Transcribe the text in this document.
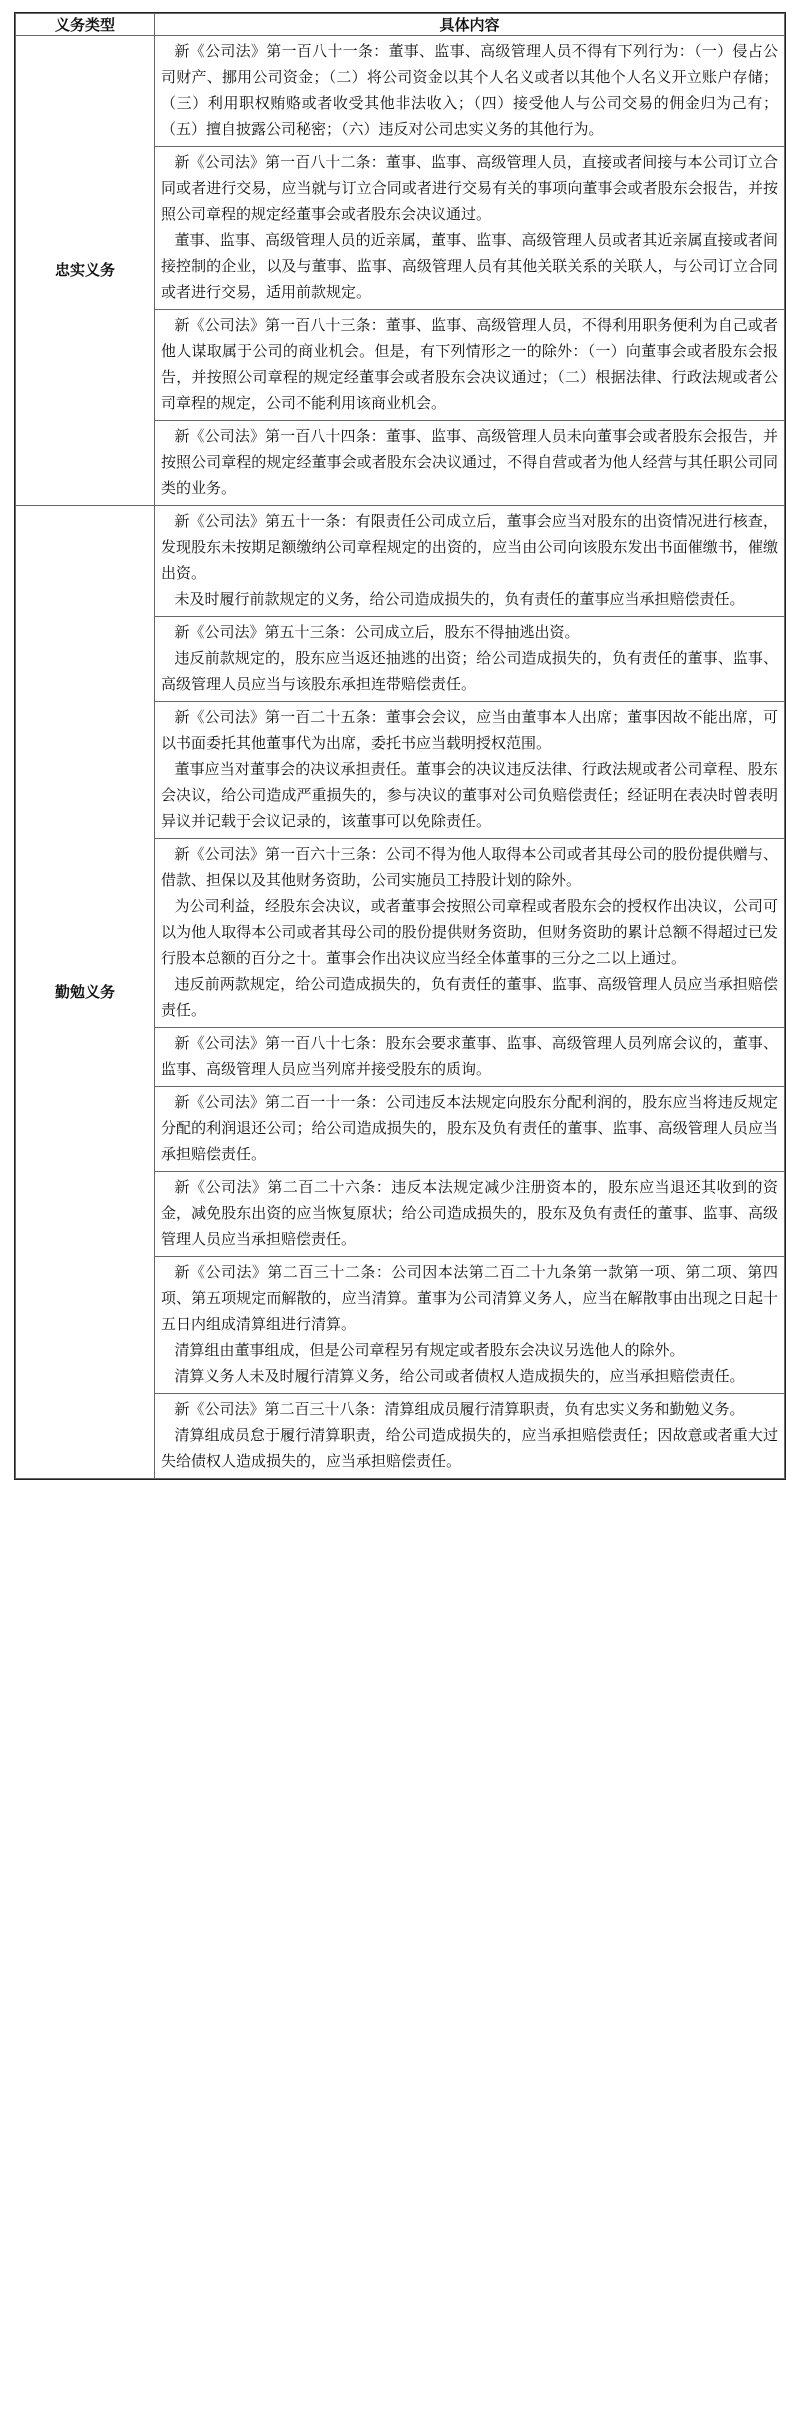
义务类型	具体内容
忠实义务	新《公司法》第一百八十一条：董事、监事、高级管理人员不得有下列行为：（一）侵占公司财产、挪用公司资金；（二）将公司资金以其个人名义或者以其他个人名义开立账户存储；（三）利用职权贿赂或者收受其他非法收入；（四）接受他人与公司交易的佣金归为己有；（五）擅自披露公司秘密；（六）违反对公司忠实义务的其他行为。

	新《公司法》第一百八十二条：董事、监事、高级管理人员，直接或者间接与本公司订立合同或者进行交易，应当就与订立合同或者进行交易有关的事项向董事会或者股东会报告，并按照公司章程的规定经董事会或者股东会决议通过。

董事、监事、高级管理人员的近亲属，董事、监事、高级管理人员或者其近亲属直接或者间接控制的企业，以及与董事、监事、高级管理人员有其他关联关系的关联人，与公司订立合同或者进行交易，适用前款规定。

	新《公司法》第一百八十三条：董事、监事、高级管理人员，不得利用职务便利为自己或者他人谋取属于公司的商业机会。但是，有下列情形之一的除外：（一）向董事会或者股东会报告，并按照公司章程的规定经董事会或者股东会决议通过；（二）根据法律、行政法规或者公司章程的规定，公司不能利用该商业机会。

	新《公司法》第一百八十四条：董事、监事、高级管理人员未向董事会或者股东会报告，并按照公司章程的规定经董事会或者股东会决议通过，不得自营或者为他人经营与其任职公司同类的业务。

勤勉义务	新《公司法》第五十一条：有限责任公司成立后，董事会应当对股东的出资情况进行核查，发现股东未按期足额缴纳公司章程规定的出资的，应当由公司向该股东发出书面催缴书，催缴出资。

未及时履行前款规定的义务，给公司造成损失的，负有责任的董事应当承担赔偿责任。

	新《公司法》第五十三条：公司成立后，股东不得抽逃出资。

违反前款规定的，股东应当返还抽逃的出资；给公司造成损失的，负有责任的董事、监事、高级管理人员应当与该股东承担连带赔偿责任。

	新《公司法》第一百二十五条：董事会会议，应当由董事本人出席；董事因故不能出席，可以书面委托其他董事代为出席，委托书应当载明授权范围。

董事应当对董事会的决议承担责任。董事会的决议违反法律、行政法规或者公司章程、股东会决议，给公司造成严重损失的，参与决议的董事对公司负赔偿责任；经证明在表决时曾表明异议并记载于会议记录的，该董事可以免除责任。

	新《公司法》第一百六十三条：公司不得为他人取得本公司或者其母公司的股份提供赠与、借款、担保以及其他财务资助，公司实施员工持股计划的除外。

为公司利益，经股东会决议，或者董事会按照公司章程或者股东会的授权作出决议，公司可以为他人取得本公司或者其母公司的股份提供财务资助，但财务资助的累计总额不得超过已发行股本总额的百分之十。董事会作出决议应当经全体董事的三分之二以上通过。

违反前两款规定，给公司造成损失的，负有责任的董事、监事、高级管理人员应当承担赔偿责任。

	新《公司法》第一百八十七条：股东会要求董事、监事、高级管理人员列席会议的，董事、监事、高级管理人员应当列席并接受股东的质询。

	新《公司法》第二百一十一条：公司违反本法规定向股东分配利润的，股东应当将违反规定分配的利润退还公司；给公司造成损失的，股东及负有责任的董事、监事、高级管理人员应当承担赔偿责任。

	新《公司法》第二百二十六条：违反本法规定减少注册资本的，股东应当退还其收到的资金，减免股东出资的应当恢复原状；给公司造成损失的，股东及负有责任的董事、监事、高级管理人员应当承担赔偿责任。

	新《公司法》第二百三十二条：公司因本法第二百二十九条第一款第一项、第二项、第四项、第五项规定而解散的，应当清算。董事为公司清算义务人，应当在解散事由出现之日起十五日内组成清算组进行清算。

清算组由董事组成，但是公司章程另有规定或者股东会决议另选他人的除外。

清算义务人未及时履行清算义务，给公司或者债权人造成损失的，应当承担赔偿责任。

	新《公司法》第二百三十八条：清算组成员履行清算职责，负有忠实义务和勤勉义务。

清算组成员怠于履行清算职责，给公司造成损失的，应当承担赔偿责任；因故意或者重大过失给债权人造成损失的，应当承担赔偿责任。
